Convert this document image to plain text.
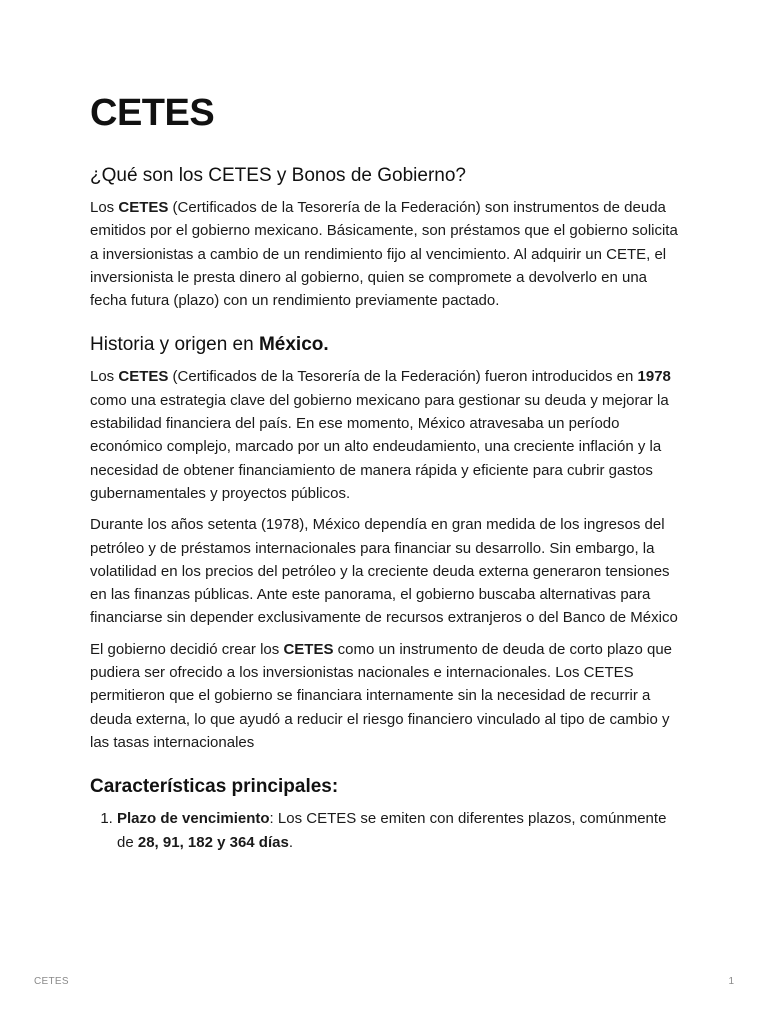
CETES
¿Qué son los CETES y Bonos de Gobierno?

Los CETES (Certificados de la Tesorería de la Federación) son instrumentos de deuda emitidos por el gobierno mexicano. Básicamente, son préstamos que el gobierno solicita a inversionistas a cambio de un rendimiento fijo al vencimiento. Al adquirir un CETE, el inversionista le presta dinero al gobierno, quien se compromete a devolverlo en una fecha futura (plazo) con un rendimiento previamente pactado.

Historia y origen en México.

Los CETES (Certificados de la Tesorería de la Federación) fueron introducidos en 1978 como una estrategia clave del gobierno mexicano para gestionar su deuda y mejorar la estabilidad financiera del país. En ese momento, México atravesaba un período económico complejo, marcado por un alto endeudamiento, una creciente inflación y la necesidad de obtener financiamiento de manera rápida y eficiente para cubrir gastos gubernamentales y proyectos públicos.

Durante los años setenta (1978), México dependía en gran medida de los ingresos del petróleo y de préstamos internacionales para financiar su desarrollo. Sin embargo, la volatilidad en los precios del petróleo y la creciente deuda externa generaron tensiones en las finanzas públicas. Ante este panorama, el gobierno buscaba alternativas para financiarse sin depender exclusivamente de recursos extranjeros o del Banco de México

El gobierno decidió crear los CETES como un instrumento de deuda de corto plazo que pudiera ser ofrecido a los inversionistas nacionales e internacionales. Los CETES permitieron que el gobierno se financiara internamente sin la necesidad de recurrir a deuda externa, lo que ayudó a reducir el riesgo financiero vinculado al tipo de cambio y las tasas internacionales

Características principales:
1. Plazo de vencimiento: Los CETES se emiten con diferentes plazos, comúnmente de 28, 91, 182 y 364 días.
CETES	1
